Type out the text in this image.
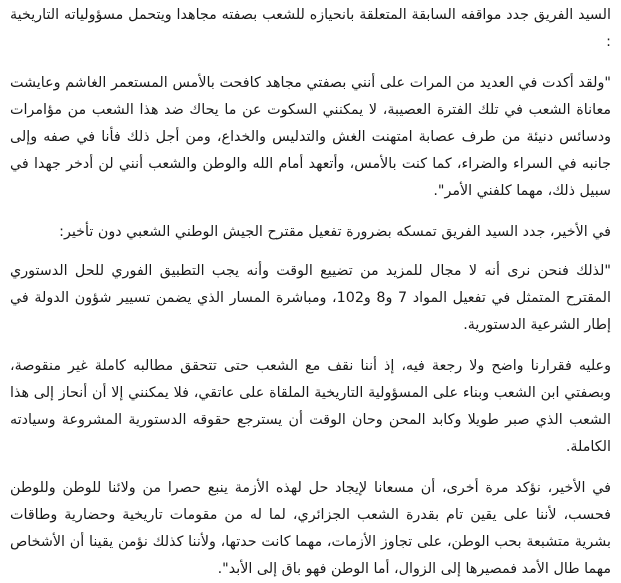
السيد الفريق جدد مواقفه السابقة المتعلقة بانحيازه للشعب بصفته مجاهدا ويتحمل مسؤولياته التاريخية :

"ولقد أكدت في العديد من المرات على أنني بصفتي مجاهد كافحت بالأمس المستعمر الغاشم وعايشت معاناة الشعب في تلك الفترة العصيبة، لا يمكنني السكوت عن ما يحاك ضد هذا الشعب من مؤامرات ودسائس دنيئة من طرف عصابة امتهنت الغش والتدليس والخداع، ومن أجل ذلك فأنا في صفه وإلى جانبه في السراء والضراء، كما كنت بالأمس، وأتعهد أمام الله والوطن والشعب أنني لن أدخر جهدا في سبيل ذلك، مهما كلفني الأمر".

في الأخير، جدد السيد الفريق تمسكه بضرورة تفعيل مقترح الجيش الوطني الشعبي دون تأخير:

"لذلك فنحن نرى أنه لا مجال للمزيد من تضييع الوقت وأنه يجب التطبيق الفوري للحل الدستوري المقترح المتمثل في تفعيل المواد 7 و8 و102، ومباشرة المسار الذي يضمن تسيير شؤون الدولة في إطار الشرعية الدستورية.

وعليه فقرارنا واضح ولا رجعة فيه، إذ أننا نقف مع الشعب حتى تتحقق مطالبه كاملة غير منقوصة، وبصفتي ابن الشعب وبناء على المسؤولية التاريخية الملقاة على عاتقي، فلا يمكنني إلا أن أنحاز إلى هذا الشعب الذي صبر طويلا وكابد المحن وحان الوقت أن يسترجع حقوقه الدستورية المشروعة وسيادته الكاملة.

في الأخير، نؤكد مرة أخرى، أن مسعانا لإيجاد حل لهذه الأزمة ينبع حصرا من ولائنا للوطن وللوطن فحسب، لأننا على يقين تام بقدرة الشعب الجزائري، لما له من مقومات تاريخية وحضارية وطاقات بشرية متشبعة بحب الوطن، على تجاوز الأزمات، مهما كانت حدتها، ولأننا كذلك نؤمن يقينا أن الأشخاص مهما طال الأمد فمصيرها إلى الزوال، أما الوطن فهو باق إلى الأبد".
